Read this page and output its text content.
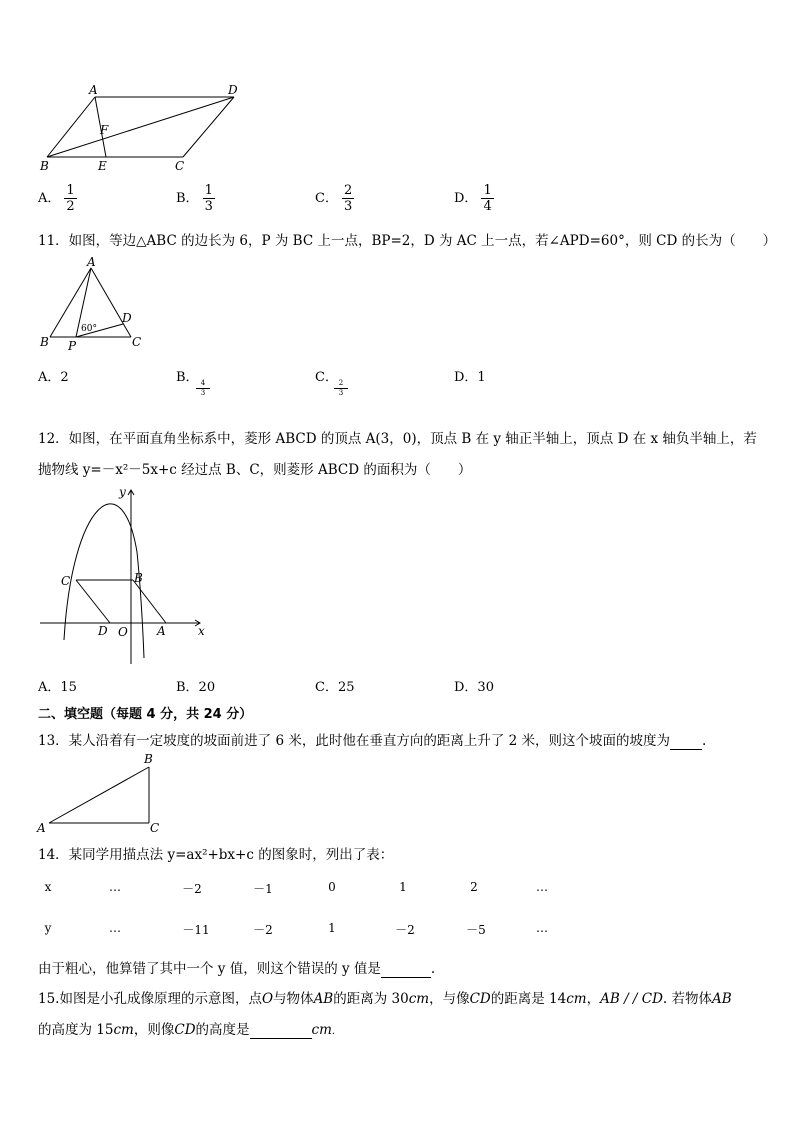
A	D
F
B	E	C
A． $\frac{1}{2}$	B． $\frac{1}{3}$	C． $\frac{2}{3}$	D． $\frac{1}{4}$
11．如图，等边△ABC 的边长为 6，P 为 BC 上一点，BP=2，D 为 AC 上一点，若∠APD=60°，则 CD 的长为（　　）
A
D
60°
B P	C
A．2	B． 4
3
C． 2
3
D．1
12．如图，在平面直角坐标系中，菱形 ABCD 的顶点 A(3，0)，顶点 B 在 y 轴正半轴上，顶点 D 在 x 轴负半轴上，若
抛物线 y=－x²－5x+c 经过点 B、C，则菱形 ABCD 的面积为（　　）
y
C	B
D O A	x
A．15	B．20	C．25	D．30
二、填空题（每题 4 分，共 24 分）
13．某人沿着有一定坡度的坡面前进了 6 米，此时他在垂直方向的距离上升了 2 米，则这个坡面的坡度为 .
B
A	C
14．某同学用描点法 y=ax²+bx+c 的图象时，列出了表：
x	…	－2	－1	0	1	2	…
y	…	－11	－2	1	－2	－5	…
由于粗心，他算错了其中一个 y 值，则这个错误的 y 值是	.
15.如图是小孔成像原理的示意图，点O与物体AB的距离为 30cm，与像CD的距离是 14cm，AB / / CD. 若物体AB
的高度为 15cm，则像CD的高度是	cm.
